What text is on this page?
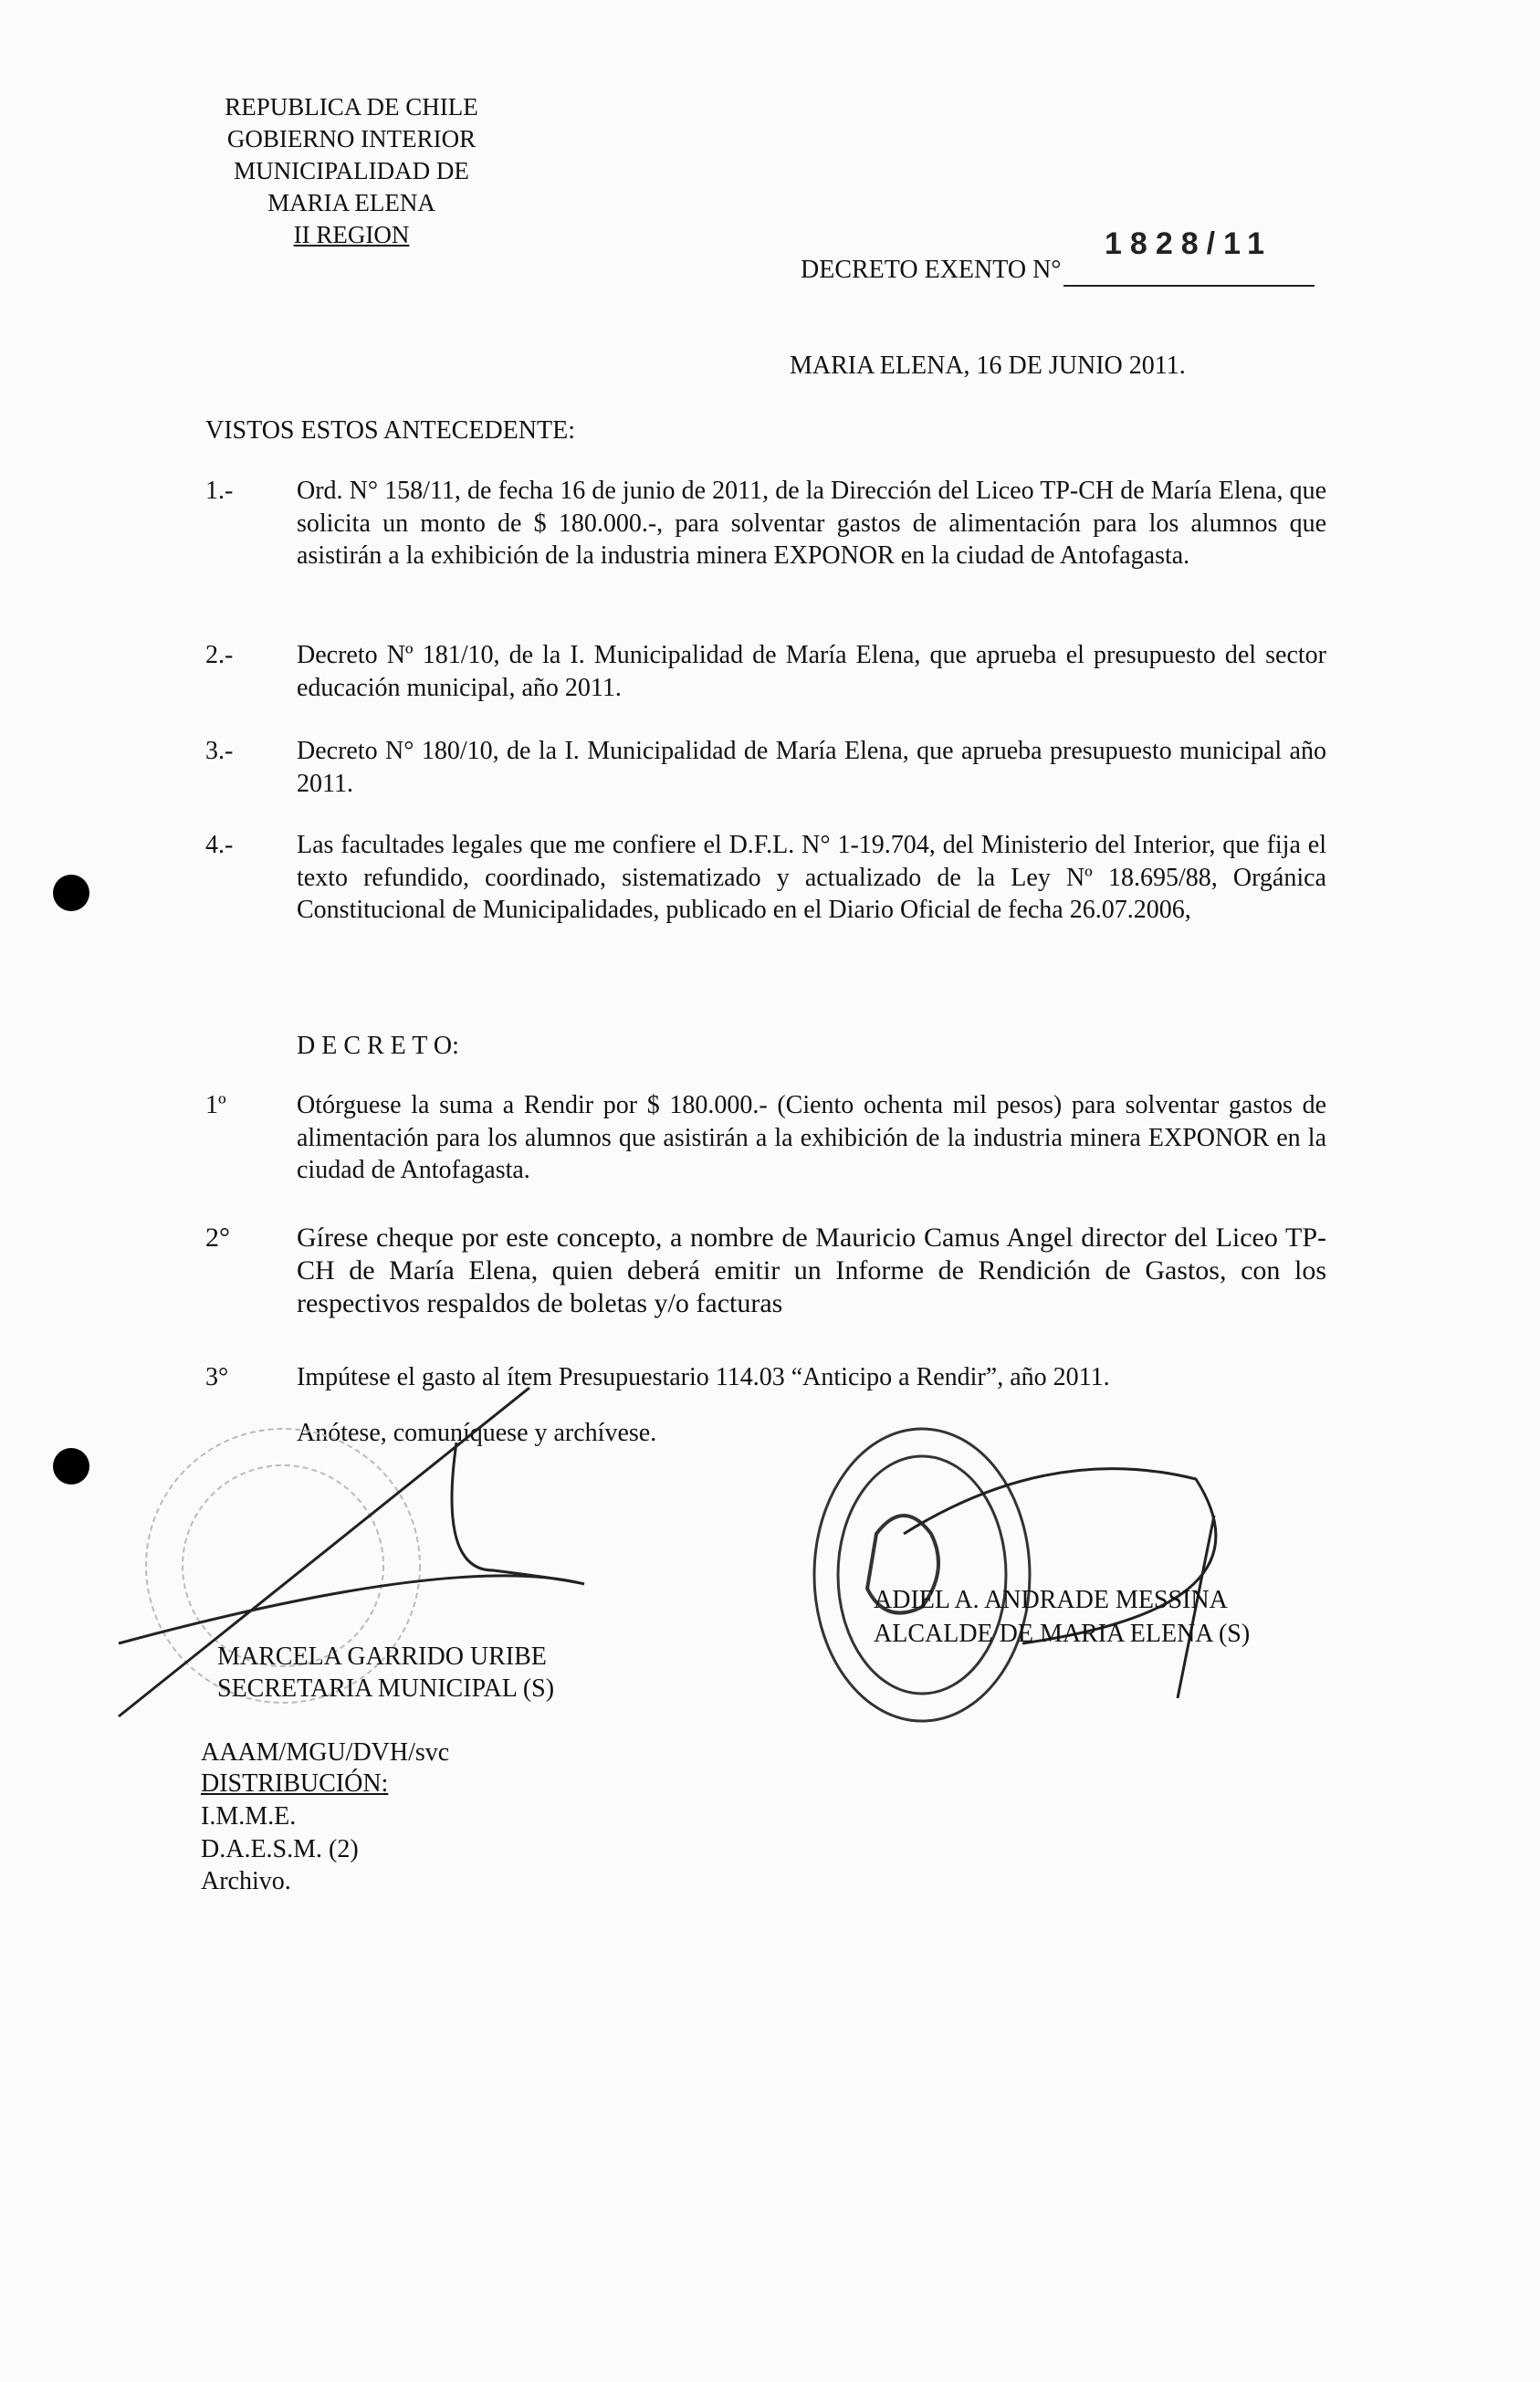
REPUBLICA DE CHILE
GOBIERNO INTERIOR
MUNICIPALIDAD DE
MARIA ELENA
II REGION
DECRETO EXENTO N°
1828/11
MARIA ELENA, 16 DE JUNIO 2011.
VISTOS ESTOS ANTECEDENTE:
1.- Ord. N° 158/11, de fecha 16 de junio de 2011, de la Dirección del Liceo TP-CH de María Elena, que solicita un monto de $ 180.000.-, para solventar gastos de alimentación para los alumnos que asistirán a la exhibición de la industria minera EXPONOR en la ciudad de Antofagasta.
2.- Decreto Nº 181/10, de la I. Municipalidad de María Elena, que aprueba el presupuesto del sector educación municipal, año 2011.
3.- Decreto N° 180/10, de la I. Municipalidad de María Elena, que aprueba presupuesto municipal año 2011.
4.- Las facultades legales que me confiere el D.F.L. N° 1-19.704, del Ministerio del Interior, que fija el texto refundido, coordinado, sistematizado y actualizado de la Ley Nº 18.695/88, Orgánica Constitucional de Municipalidades, publicado en el Diario Oficial de fecha 26.07.2006,
D E C R E T O:
1º	Otórguese la suma a Rendir por $ 180.000.- (Ciento ochenta mil pesos) para solventar gastos de alimentación para los alumnos que asistirán a la exhibición de la industria minera EXPONOR en la ciudad de Antofagasta.
2° Gírese cheque por este concepto, a nombre de Mauricio Camus Angel director del Liceo TP-CH de María Elena, quien deberá emitir un Informe de Rendición de Gastos, con los respectivos respaldos de boletas y/o facturas
3°	Impútese el gasto al ítem Presupuestario 114.03 “Anticipo a Rendir”, año 2011.
Anótese, comuníquese y archívese.
ADIEL A. ANDRADE MESSINA
ALCALDE DE MARIA ELENA (S)
MARCELA GARRIDO URIBE
SECRETARIA MUNICIPAL (S)
AAAM/MGU/DVH/svc
DISTRIBUCIÓN:
I.M.M.E.
D.A.E.S.M. (2)
Archivo.
